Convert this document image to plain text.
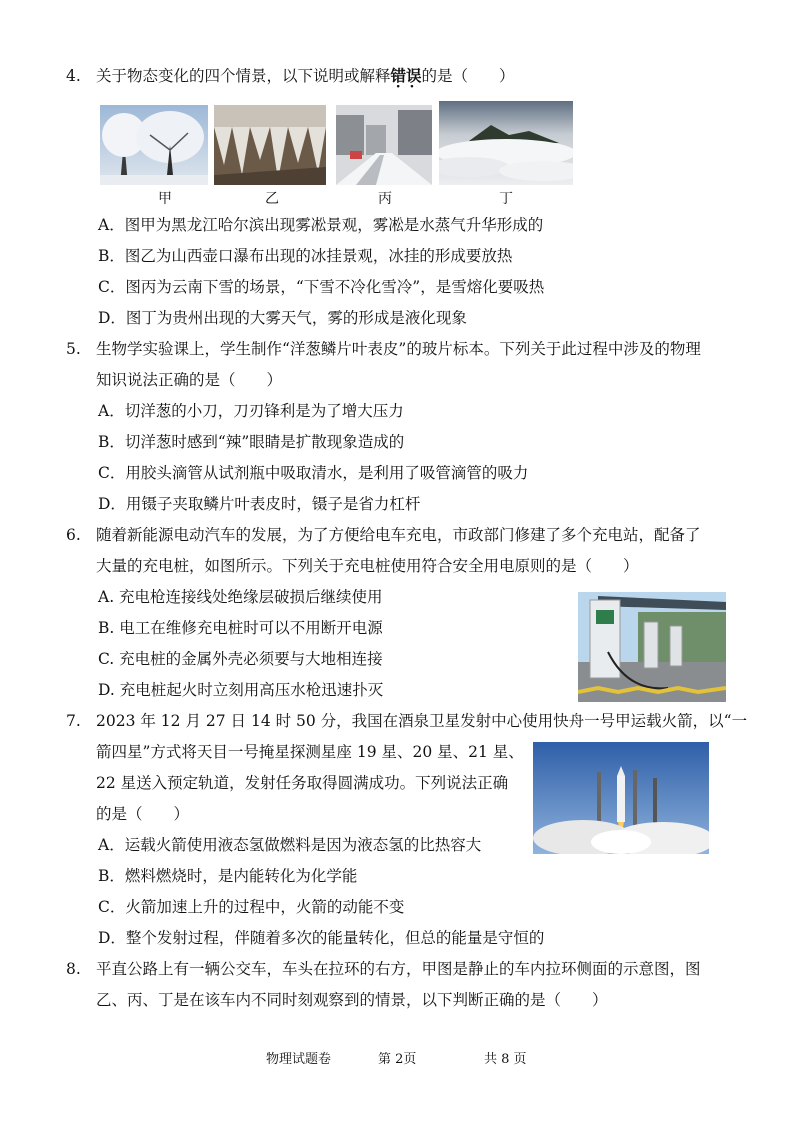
4. 关于物态变化的四个情景，以下说明或解释错误 · ·的是（　　）
甲	乙	丙	丁
A．图甲为黑龙江哈尔滨出现雾凇景观，雾凇是水蒸气升华形成的
B．图乙为山西壶口瀑布出现的冰挂景观，冰挂的形成要放热
C．图丙为云南下雪的场景，“下雪不冷化雪冷”，是雪熔化要吸热
D．图丁为贵州出现的大雾天气，雾的形成是液化现象
5. 生物学实验课上，学生制作“洋葱鳞片叶表皮”的玻片标本。下列关于此过程中涉及的物理
知识说法正确的是（　　）
A．切洋葱的小刀，刀刃锋利是为了增大压力
B．切洋葱时感到“辣”眼睛是扩散现象造成的
C．用胶头滴管从试剂瓶中吸取清水，是利用了吸管滴管的吸力
D．用镊子夹取鳞片叶表皮时，镊子是省力杠杆
6. 随着新能源电动汽车的发展，为了方便给电车充电，市政部门修建了多个充电站，配备了
大量的充电桩，如图所示。下列关于充电桩使用符合安全用电原则的是（　　）
A. 充电枪连接线处绝缘层破损后继续使用
B. 电工在维修充电桩时可以不用断开电源
C. 充电桩的金属外壳必须要与大地相连接
D. 充电桩起火时立刻用高压水枪迅速扑灭
7. 2023 年 12 月 27 日 14 时 50 分，我国在酒泉卫星发射中心使用快舟一号甲运载火箭，以“一
箭四星”方式将天目一号掩星探测星座 19 星、20 星、21 星、
22 星送入预定轨道，发射任务取得圆满成功。下列说法正确
的是（　　）
A．运载火箭使用液态氢做燃料是因为液态氢的比热容大
B．燃料燃烧时，是内能转化为化学能
C．火箭加速上升的过程中，火箭的动能不变
D．整个发射过程，伴随着多次的能量转化，但总的能量是守恒的
8. 平直公路上有一辆公交车，车头在拉环的右方，甲图是静止的车内拉环侧面的示意图，图
乙、丙、丁是在该车内不同时刻观察到的情景，以下判断正确的是（　　）
物理试题卷	第 2页	共 8 页
